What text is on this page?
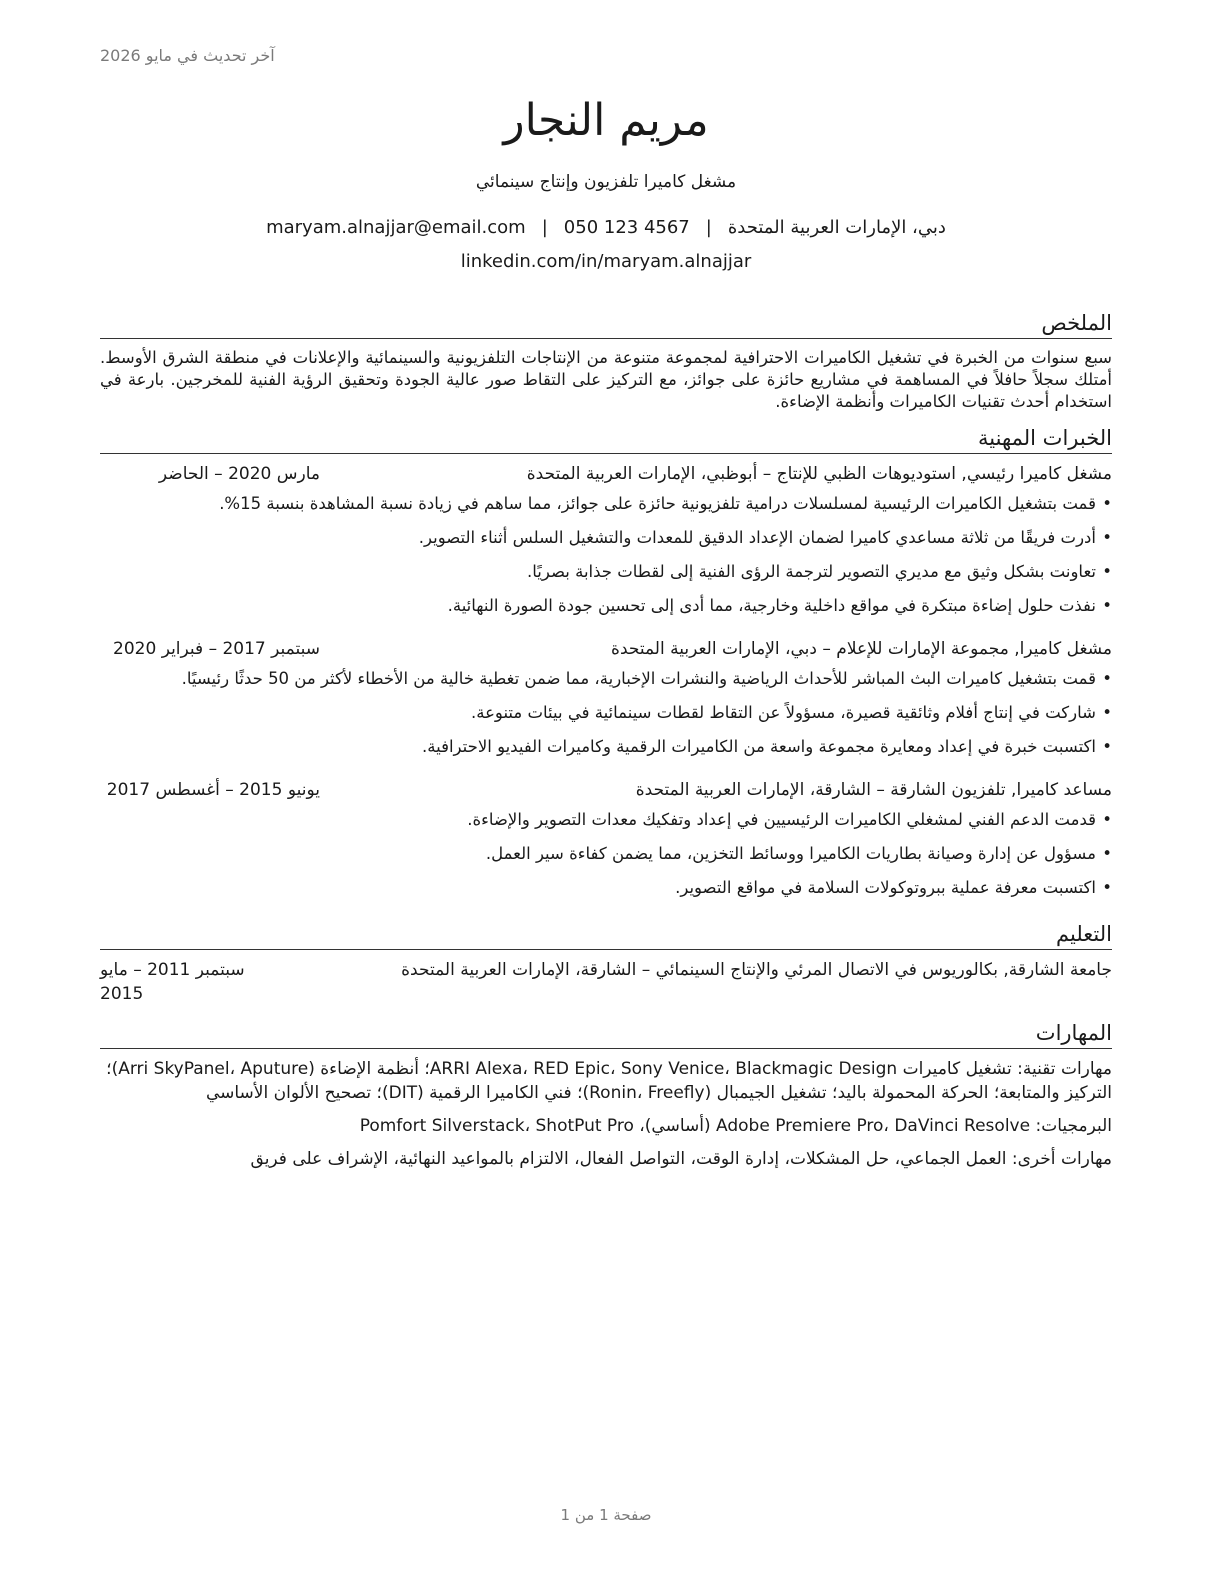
آخر تحديث في مايو 2026
مريم النجار
مشغل كاميرا تلفزيون وإنتاج سينمائي
دبي، الإمارات العربية المتحدة|maryam.alnajjar@email.com | 050 123 4567
linkedin.com/in/maryam.alnajjar
الملخص

سبع سنوات من الخبرة في تشغيل الكاميرات الاحترافية لمجموعة متنوعة من الإنتاجات التلفزيونية والسينمائية والإعلانات في منطقة الشرق الأوسط. أمتلك سجلاً حافلاً في المساهمة في مشاريع حائزة على جوائز، مع التركيز على التقاط صور عالية الجودة وتحقيق الرؤية الفنية للمخرجين. بارعة في استخدام أحدث تقنيات الكاميرات وأنظمة الإضاءة.

الخبرات المهنية
مشغل كاميرا رئيسي, استوديوهات الظبي للإنتاج – أبوظبي، الإمارات العربية المتحدة
مارس 2020 – الحاضر
• قمت بتشغيل الكاميرات الرئيسية لمسلسلات درامية تلفزيونية حائزة على جوائز، مما ساهم في زيادة نسبة المشاهدة بنسبة 15%.
• أدرت فريقًا من ثلاثة مساعدي كاميرا لضمان الإعداد الدقيق للمعدات والتشغيل السلس أثناء التصوير.
• تعاونت بشكل وثيق مع مديري التصوير لترجمة الرؤى الفنية إلى لقطات جذابة بصريًا.
• نفذت حلول إضاءة مبتكرة في مواقع داخلية وخارجية، مما أدى إلى تحسين جودة الصورة النهائية.
مشغل كاميرا, مجموعة الإمارات للإعلام – دبي، الإمارات العربية المتحدة
سبتمبر 2017 – فبراير 2020
• قمت بتشغيل كاميرات البث المباشر للأحداث الرياضية والنشرات الإخبارية، مما ضمن تغطية خالية من الأخطاء لأكثر من 50 حدثًا رئيسيًا.
• شاركت في إنتاج أفلام وثائقية قصيرة، مسؤولاً عن التقاط لقطات سينمائية في بيئات متنوعة.
• اكتسبت خبرة في إعداد ومعايرة مجموعة واسعة من الكاميرات الرقمية وكاميرات الفيديو الاحترافية.
مساعد كاميرا, تلفزيون الشارقة – الشارقة، الإمارات العربية المتحدة
يونيو 2015 – أغسطس 2017
• قدمت الدعم الفني لمشغلي الكاميرات الرئيسيين في إعداد وتفكيك معدات التصوير والإضاءة.
• مسؤول عن إدارة وصيانة بطاريات الكاميرا ووسائط التخزين، مما يضمن كفاءة سير العمل.
• اكتسبت معرفة عملية ببروتوكولات السلامة في مواقع التصوير.
التعليم
جامعة الشارقة, بكالوريوس في الاتصال المرئي والإنتاج السينمائي – الشارقة، الإمارات العربية المتحدة
سبتمبر 2011 – مايو 2015
المهارات

مهارات تقنية: تشغيل كاميرات ARRI Alexa، RED Epic، Sony Venice، Blackmagic Design؛ أنظمة الإضاءة (Arri SkyPanel، Aputure)؛ التركيز والمتابعة؛ الحركة المحمولة باليد؛ تشغيل الجيمبال (Ronin، Freefly)؛ فني الكاميرا الرقمية (DIT)؛ تصحيح الألوان الأساسي

البرمجيات: Adobe Premiere Pro، DaVinci Resolve (أساسي)، Pomfort Silverstack، ShotPut Pro

مهارات أخرى: العمل الجماعي، حل المشكلات، إدارة الوقت، التواصل الفعال، الالتزام بالمواعيد النهائية، الإشراف على فريق

صفحة 1 من 1
